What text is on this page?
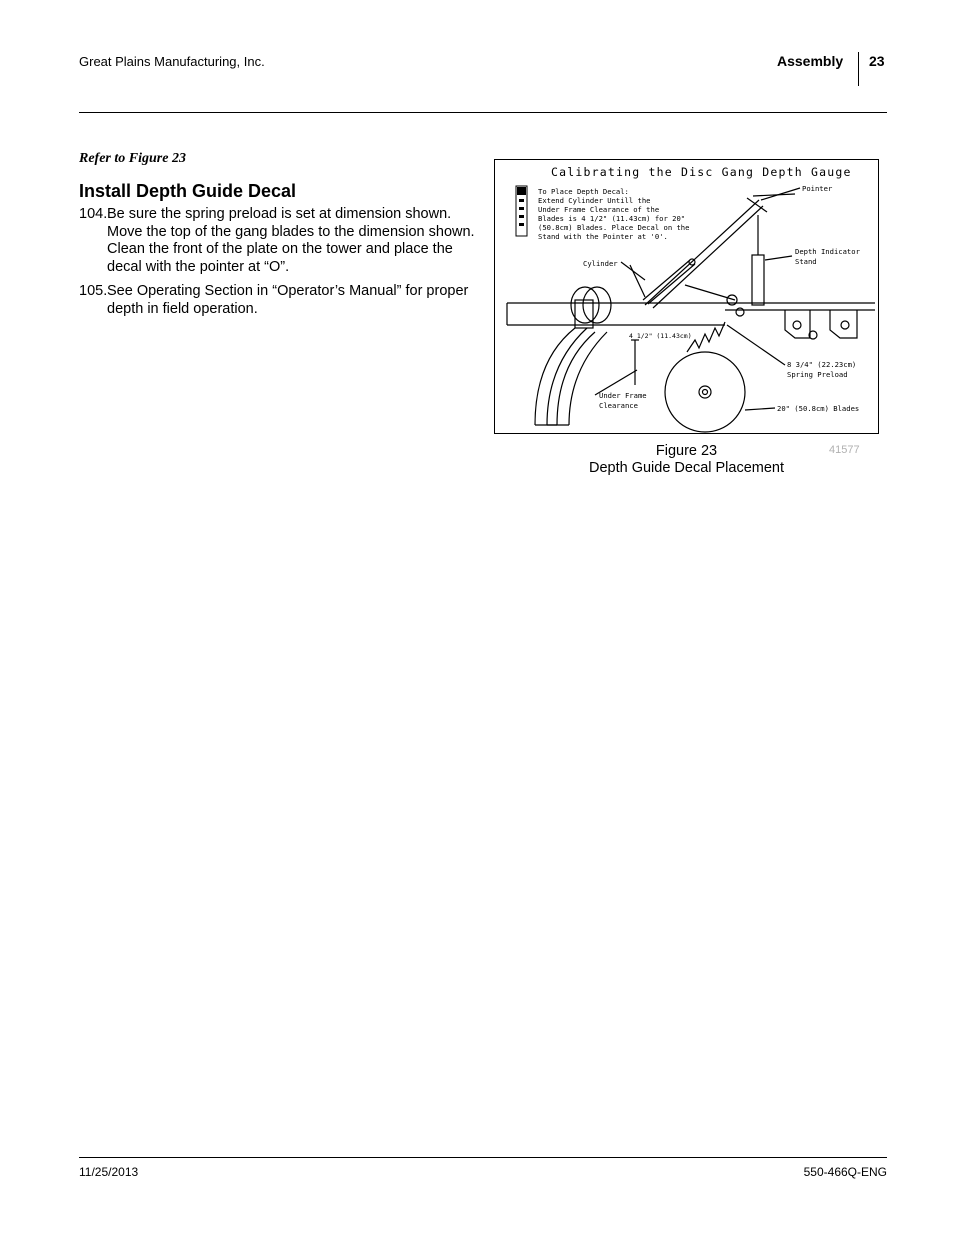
Great Plains Manufacturing, Inc.	Assembly 23
Refer to Figure 23
Install Depth Guide Decal
104. Be sure the spring preload is set at dimension shown. Move the top of the gang blades to the dimension shown. Clean the front of the plate on the tower and place the decal with the pointer at “O”.
105. See Operating Section in “Operator’s Manual” for proper depth in field operation.
Calibrating the Disc Gang Depth Gauge
To Place Depth Decal:
Extend Cylinder Untill the
Under Frame Clearance of the
Blades is 4 1/2" (11.43cm) for 20"
(50.8cm) Blades. Place Decal on the
Stand with the Pointer at '0'.
Pointer
Depth Indicator
Stand
Cylinder
4 1/2" (11.43cm)
8 3/4" (22.23cm)
Spring Preload
Under Frame
Clearance	20" (50.8cm) Blades
Figure 23
Depth Guide Decal Placement
41577
11/25/2013	550-466Q-ENG
